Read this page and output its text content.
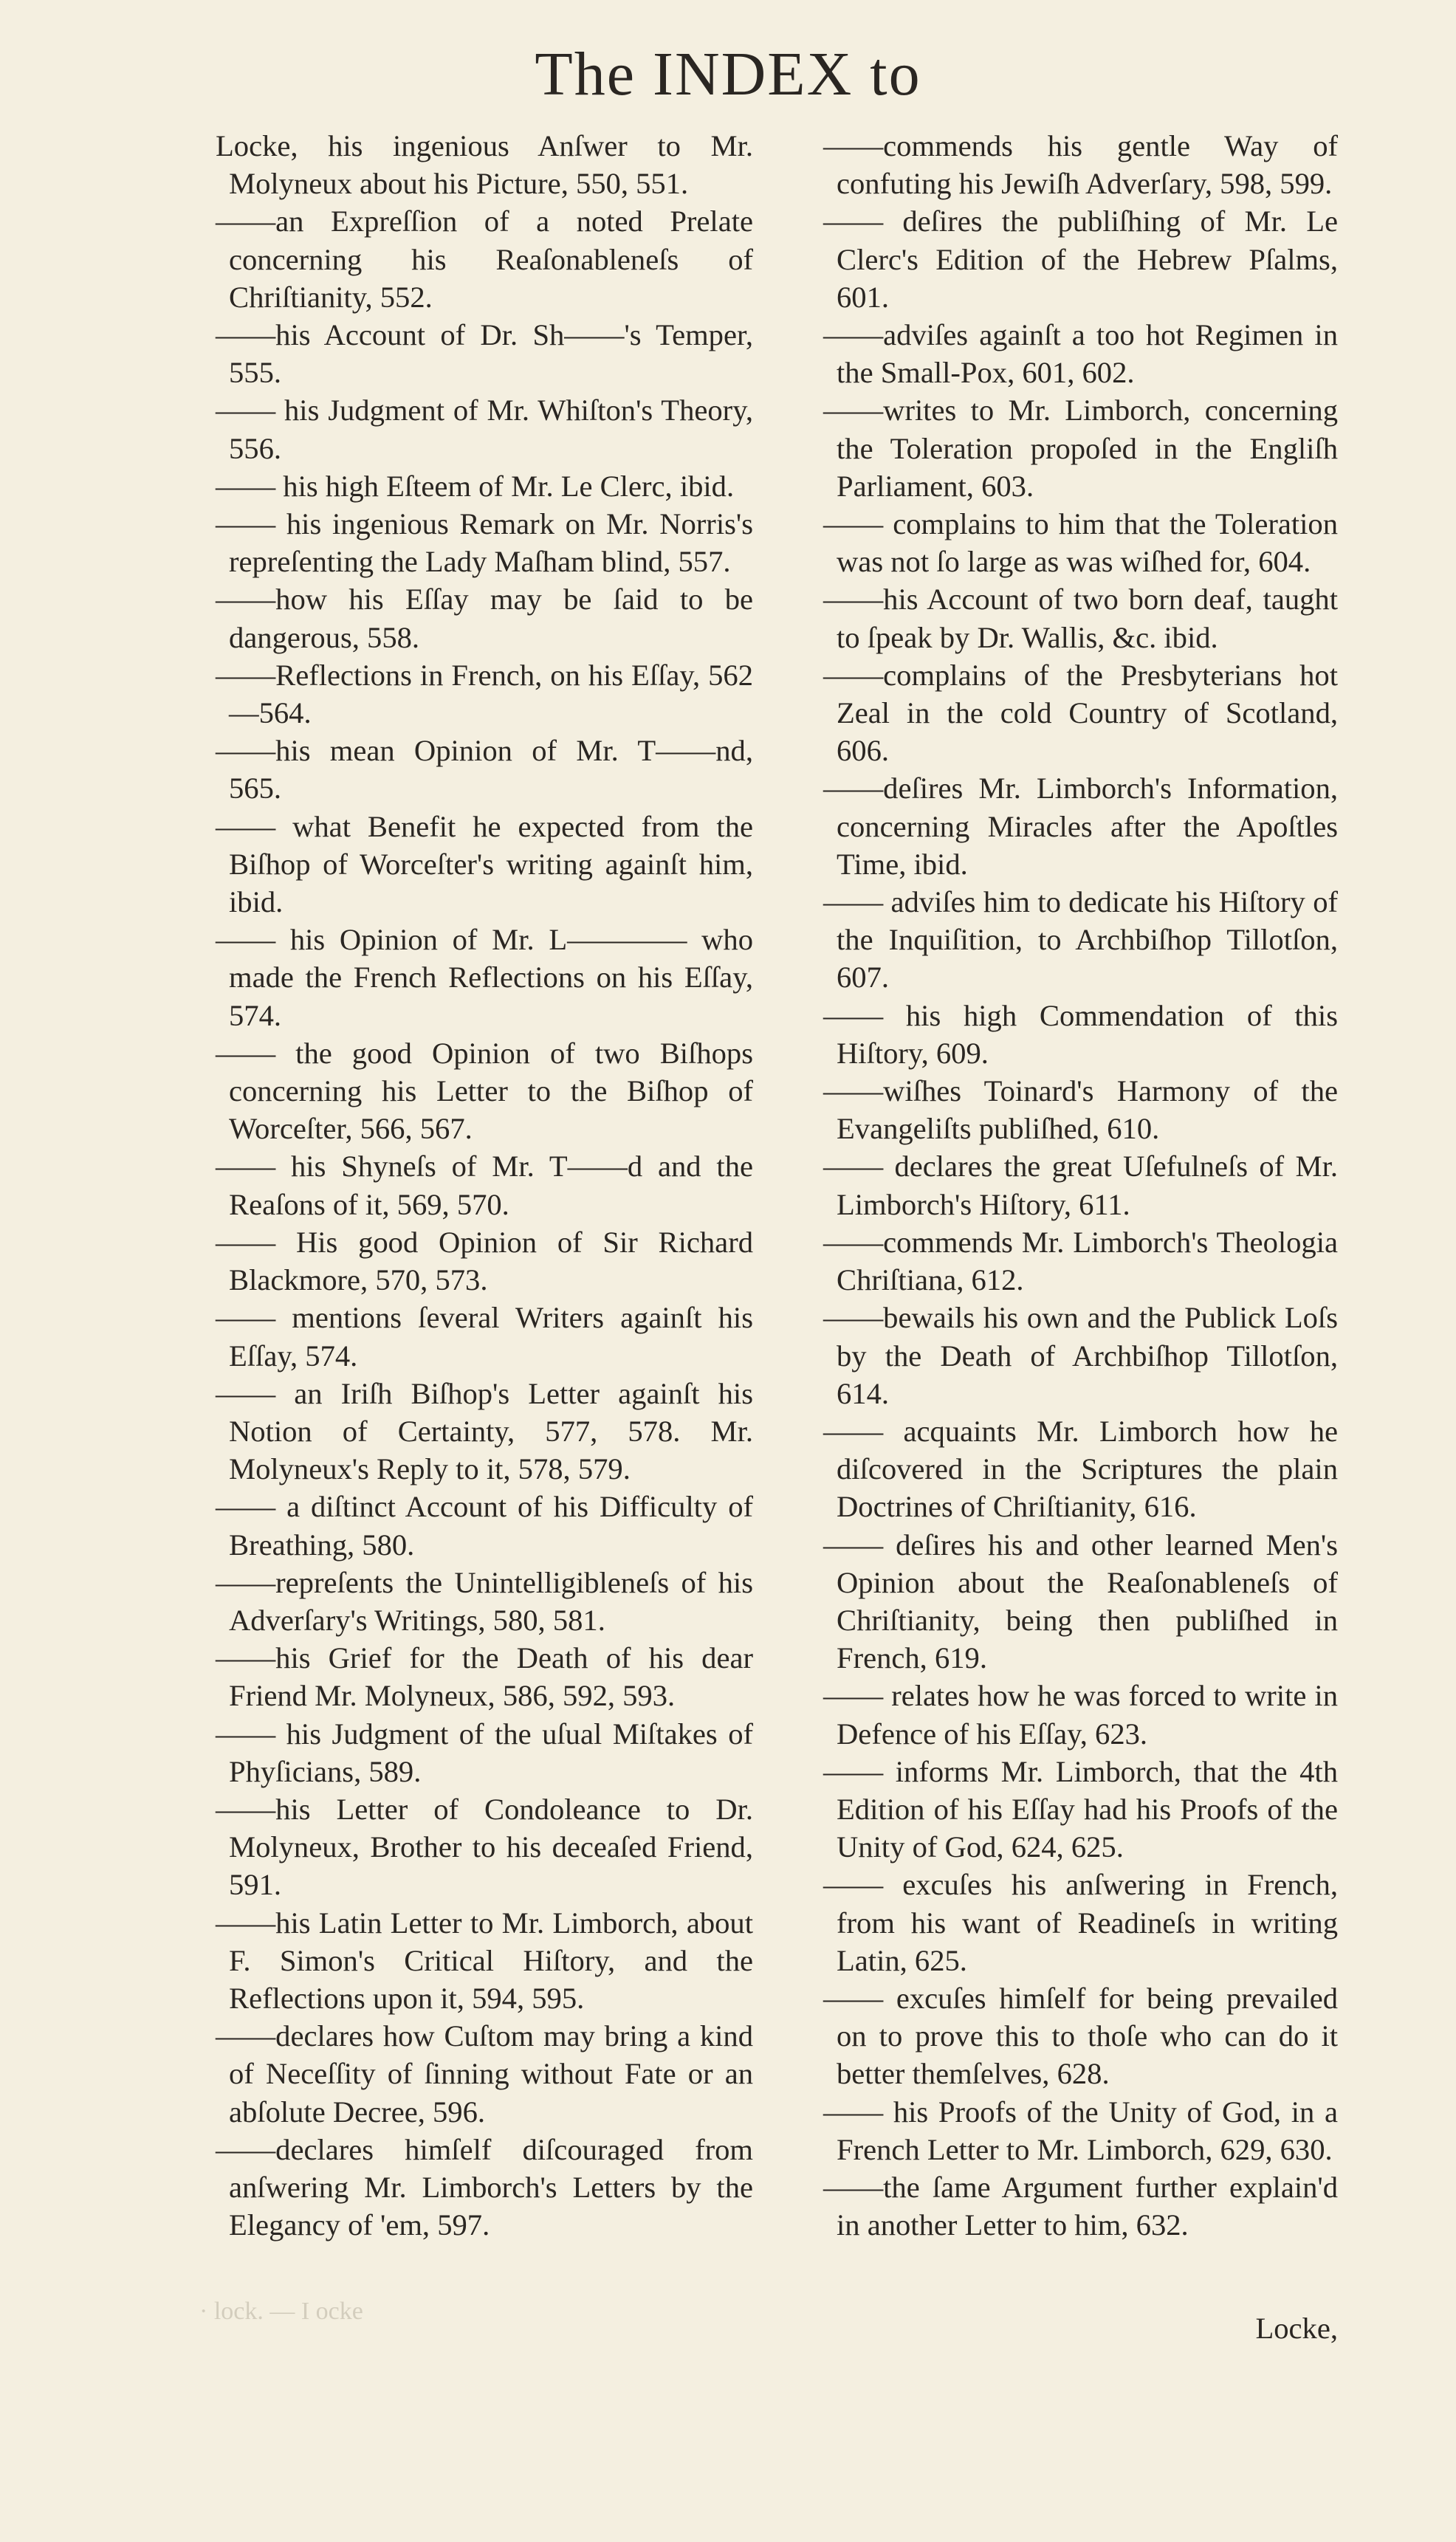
The INDEX to

Locke, his ingenious Anſwer to Mr. Molyneux about his Picture, 550, 551.

——an Expreſſion of a noted Prelate concerning his Reaſonableneſs of Chriſtianity, 552.

——his Account of Dr. Sh——'s Temper, 555.

—— his Judgment of Mr. Whiſton's Theory, 556.

—— his high Eſteem of Mr. Le Clerc, ibid.

—— his ingenious Remark on Mr. Norris's repreſenting the Lady Maſham blind, 557.

——how his Eſſay may be ſaid to be dangerous, 558.

——Reflections in French, on his Eſſay, 562—564.

——his mean Opinion of Mr. T——nd, 565.

—— what Benefit he expected from the Biſhop of Worceſter's writing againſt him, ibid.

—— his Opinion of Mr. L———— who made the French Reflections on his Eſſay, 574.

—— the good Opinion of two Biſhops concerning his Letter to the Biſhop of Worceſter, 566, 567.

—— his Shyneſs of Mr. T——d and the Reaſons of it, 569, 570.

—— His good Opinion of Sir Richard Blackmore, 570, 573.

—— mentions ſeveral Writers againſt his Eſſay, 574.

—— an Iriſh Biſhop's Letter againſt his Notion of Certainty, 577, 578. Mr. Molyneux's Reply to it, 578, 579.

—— a diſtinct Account of his Difficulty of Breathing, 580.

——repreſents the Unintelligibleneſs of his Adverſary's Writings, 580, 581.

——his Grief for the Death of his dear Friend Mr. Molyneux, 586, 592, 593.

—— his Judgment of the uſual Miſtakes of Phyſicians, 589.

——his Letter of Condoleance to Dr. Molyneux, Brother to his deceaſed Friend, 591.

——his Latin Letter to Mr. Limborch, about F. Simon's Critical Hiſtory, and the Reflections upon it, 594, 595.

——declares how Cuſtom may bring a kind of Neceſſity of ſinning without Fate or an abſolute Decree, 596.

——declares himſelf diſcouraged from anſwering Mr. Limborch's Letters by the Elegancy of 'em, 597.

——commends his gentle Way of confuting his Jewiſh Adverſary, 598, 599.

—— deſires the publiſhing of Mr. Le Clerc's Edition of the Hebrew Pſalms, 601.

——adviſes againſt a too hot Regimen in the Small-Pox, 601, 602.

——writes to Mr. Limborch, concerning the Toleration propoſed in the Engliſh Parliament, 603.

—— complains to him that the Toleration was not ſo large as was wiſhed for, 604.

——his Account of two born deaf, taught to ſpeak by Dr. Wallis, &c. ibid.

——complains of the Presbyterians hot Zeal in the cold Country of Scotland, 606.

——deſires Mr. Limborch's Information, concerning Miracles after the Apoſtles Time, ibid.

—— adviſes him to dedicate his Hiſtory of the Inquiſition, to Archbiſhop Tillotſon, 607.

—— his high Commendation of this Hiſtory, 609.

——wiſhes Toinard's Harmony of the Evangeliſts publiſhed, 610.

—— declares the great Uſefulneſs of Mr. Limborch's Hiſtory, 611.

——commends Mr. Limborch's Theologia Chriſtiana, 612.

——bewails his own and the Publick Loſs by the Death of Archbiſhop Tillotſon, 614.

—— acquaints Mr. Limborch how he diſcovered in the Scriptures the plain Doctrines of Chriſtianity, 616.

—— deſires his and other learned Men's Opinion about the Reaſonableneſs of Chriſtianity, being then publiſhed in French, 619.

—— relates how he was forced to write in Defence of his Eſſay, 623.

—— informs Mr. Limborch, that the 4th Edition of his Eſſay had his Proofs of the Unity of God, 624, 625.

—— excuſes his anſwering in French, from his want of Readineſs in writing Latin, 625.

—— excuſes himſelf for being prevailed on to prove this to thoſe who can do it better themſelves, 628.

—— his Proofs of the Unity of God, in a French Letter to Mr. Limborch, 629, 630.

——the ſame Argument further explain'd in another Letter to him, 632.

· lock. ― I ocke
Locke,
